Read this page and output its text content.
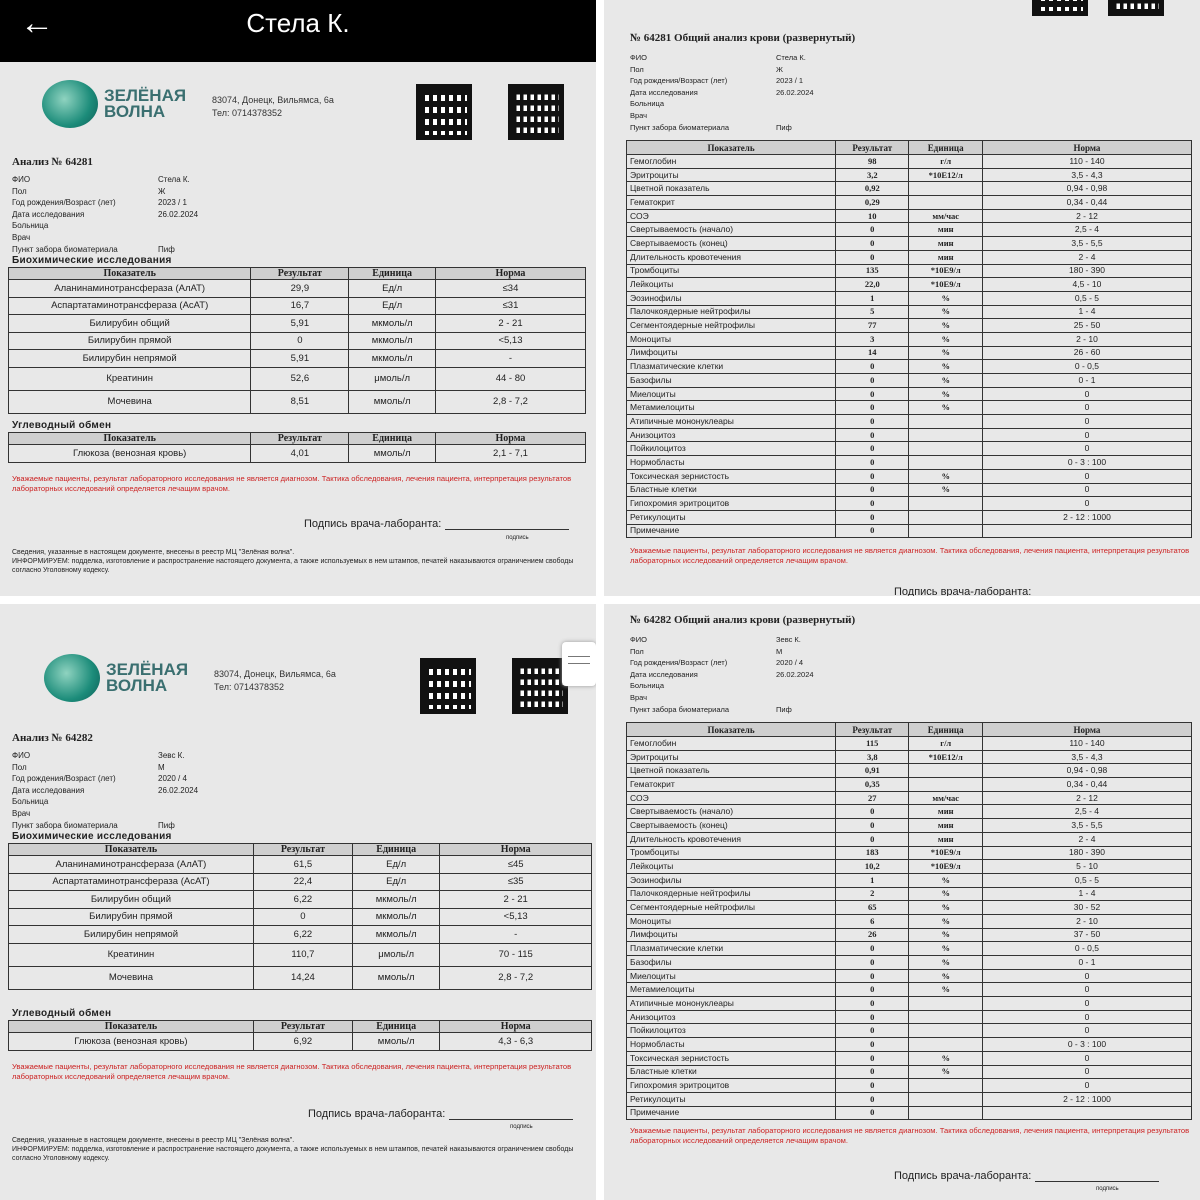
←	Стела К.
ЗЕЛЁНАЯ
ВОЛНА
83074, Донецк, Вильямса, 6а
Тел: 0714378352
Анализ № 64281
ФИО	Стела К.
Пол	Ж
Год рождения/Возраст (лет)	2023 / 1
Дата исследования	26.02.2024
Больница
Врач
Пункт забора биоматериала	Пиф
Биохимические исследования
Показатель	Результат	Единица	Норма
Аланинаминотрансфераза (АлАТ)	29,9	Ед/л	≤34
Аспартатаминотрансфераза (АсАТ)	16,7	Ед/л	≤31
Билирубин общий	5,91	мкмоль/л	2 - 21
Билирубин прямой	0	мкмоль/л	<5,13
Билирубин непрямой	5,91	мкмоль/л	-
Креатинин	52,6	μмоль/л	44 - 80
Мочевина	8,51	ммоль/л	2,8 - 7,2
Углеводный обмен
Показатель	Результат	Единица	Норма
Глюкоза (венозная кровь)	4,01	ммоль/л	2,1 - 7,1
Уважаемые пациенты, результат лабораторного исследования не является диагнозом. Тактика обследования, лечения пациента, интерпретация результатов лабораторных исследований определяется лечащим врачом.
Подпись врача-лаборанта:
подпись
Сведения, указанные в настоящем документе, внесены в реестр МЦ "Зелёная волна".
ИНФОРМИРУЕМ: подделка, изготовление и распространение настоящего документа, а также используемых в нем штампов, печатей наказываются ограничением свободы согласно Уголовному кодексу.
№ 64281 Общий анализ крови (развернутый)
ФИО	Стела К.
Пол	Ж
Год рождения/Возраст (лет)	2023 / 1
Дата исследования	26.02.2024
Больница
Врач
Пункт забора биоматериала	Пиф
Показатель	Результат	Единица	Норма
Гемоглобин	98	г/л	110 - 140
Эритроциты	3,2	*10E12/л	3,5 - 4,3
Цветной показатель	0,92		0,94 - 0,98
Гематокрит	0,29		0,34 - 0,44
СОЭ	10	мм/час	2 - 12
Свертываемость (начало)	0	мин	2,5 - 4
Свертываемость (конец)	0	мин	3,5 - 5,5
Длительность кровотечения	0	мин	2 - 4
Тромбоциты	135	*10E9/л	180 - 390
Лейкоциты	22,0	*10E9/л	4,5 - 10
Эозинофилы	1	%	0,5 - 5
Палочкоядерные нейтрофилы	5	%	1 - 4
Сегментоядерные нейтрофилы	77	%	25 - 50
Моноциты	3	%	2 - 10
Лимфоциты	14	%	26 - 60
Плазматические клетки	0	%	0 - 0,5
Базофилы	0	%	0 - 1
Миелоциты	0	%	0
Метамиелоциты	0	%	0
Атипичные мононуклеары	0		0
Анизоцитоз	0		0
Пойкилоцитоз	0		0
Нормобласты	0		0 - 3 : 100
Токсическая зернистость	0	%	0
Бластные клетки	0	%	0
Гипохромия эритроцитов	0		0
Ретикулоциты	0		2 - 12 : 1000
Примечание	0		
Уважаемые пациенты, результат лабораторного исследования не является диагнозом. Тактика обследования, лечения пациента, интерпретация результатов лабораторных исследований определяется лечащим врачом.
Подпись врача-лаборанта:
ЗЕЛЁНАЯ
ВОЛНА
83074, Донецк, Вильямса, 6а
Тел: 0714378352
Анализ № 64282
ФИО	Зевс К.
Пол	М
Год рождения/Возраст (лет)	2020 / 4
Дата исследования	26.02.2024
Больница
Врач
Пункт забора биоматериала	Пиф
Биохимические исследования
Показатель	Результат	Единица	Норма
Аланинаминотрансфераза (АлАТ)	61,5	Ед/л	≤45
Аспартатаминотрансфераза (АсАТ)	22,4	Ед/л	≤35
Билирубин общий	6,22	мкмоль/л	2 - 21
Билирубин прямой	0	мкмоль/л	<5,13
Билирубин непрямой	6,22	мкмоль/л	-
Креатинин	110,7	μмоль/л	70 - 115
Мочевина	14,24	ммоль/л	2,8 - 7,2
Углеводный обмен
Показатель	Результат	Единица	Норма
Глюкоза (венозная кровь)	6,92	ммоль/л	4,3 - 6,3
Уважаемые пациенты, результат лабораторного исследования не является диагнозом. Тактика обследования, лечения пациента, интерпретация результатов лабораторных исследований определяется лечащим врачом.
Подпись врача-лаборанта:
подпись
Сведения, указанные в настоящем документе, внесены в реестр МЦ "Зелёная волна".
ИНФОРМИРУЕМ: подделка, изготовление и распространение настоящего документа, а также используемых в нем штампов, печатей наказываются ограничением свободы согласно Уголовному кодексу.
№ 64282 Общий анализ крови (развернутый)
ФИО	Зевс К.
Пол	М
Год рождения/Возраст (лет)	2020 / 4
Дата исследования	26.02.2024
Больница
Врач
Пункт забора биоматериала	Пиф
Показатель	Результат	Единица	Норма
Гемоглобин	115	г/л	110 - 140
Эритроциты	3,8	*10E12/л	3,5 - 4,3
Цветной показатель	0,91		0,94 - 0,98
Гематокрит	0,35		0,34 - 0,44
СОЭ	27	мм/час	2 - 12
Свертываемость (начало)	0	мин	2,5 - 4
Свертываемость (конец)	0	мин	3,5 - 5,5
Длительность кровотечения	0	мин	2 - 4
Тромбоциты	183	*10E9/л	180 - 390
Лейкоциты	10,2	*10E9/л	5 - 10
Эозинофилы	1	%	0,5 - 5
Палочкоядерные нейтрофилы	2	%	1 - 4
Сегментоядерные нейтрофилы	65	%	30 - 52
Моноциты	6	%	2 - 10
Лимфоциты	26	%	37 - 50
Плазматические клетки	0	%	0 - 0,5
Базофилы	0	%	0 - 1
Миелоциты	0	%	0
Метамиелоциты	0	%	0
Атипичные мононуклеары	0		0
Анизоцитоз	0		0
Пойкилоцитоз	0		0
Нормобласты	0		0 - 3 : 100
Токсическая зернистость	0	%	0
Бластные клетки	0	%	0
Гипохромия эритроцитов	0		0
Ретикулоциты	0		2 - 12 : 1000
Примечание	0		
Уважаемые пациенты, результат лабораторного исследования не является диагнозом. Тактика обследования, лечения пациента, интерпретация результатов лабораторных исследований определяется лечащим врачом.
Подпись врача-лаборанта:
подпись
